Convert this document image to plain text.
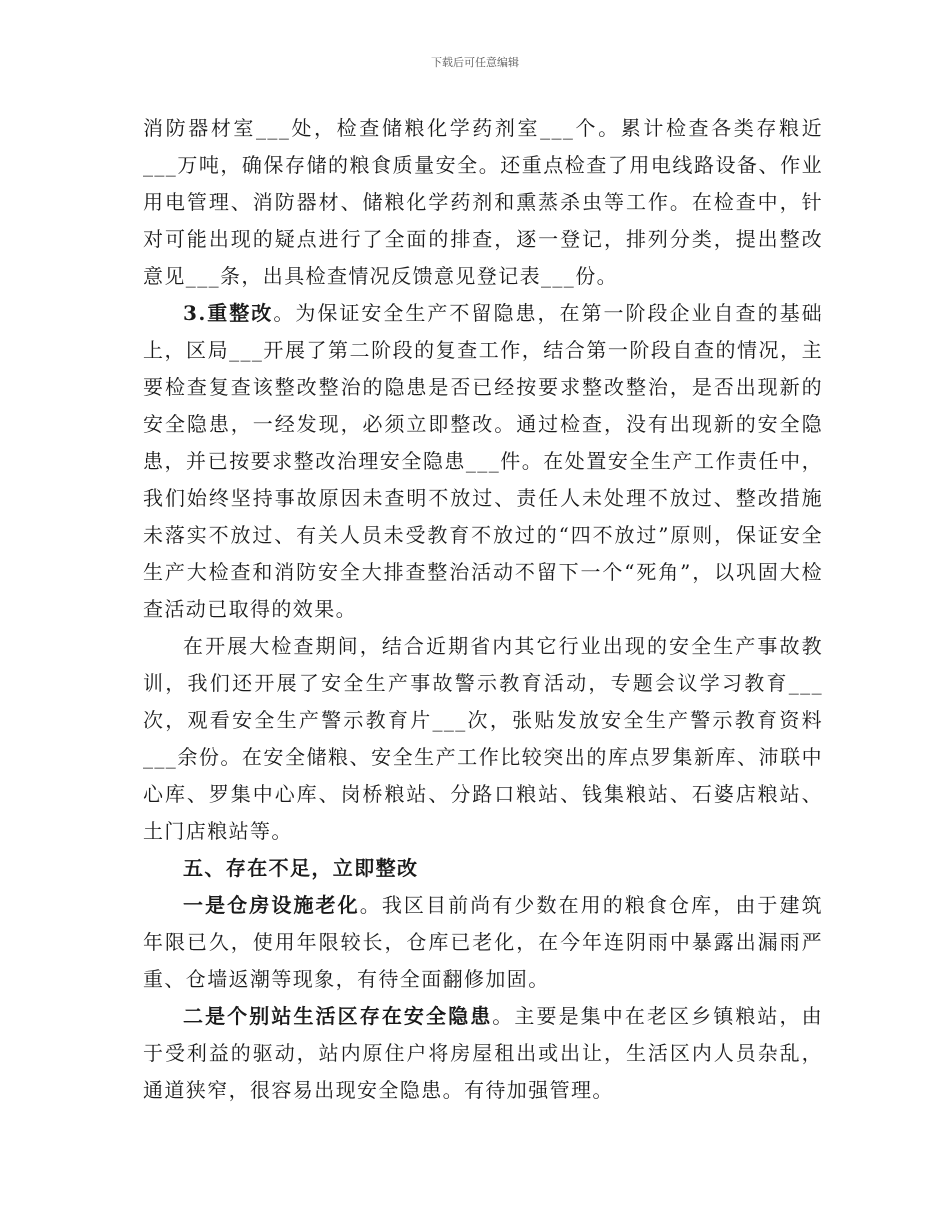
下载后可任意编辑

消防器材室___处，检查储粮化学药剂室___个。累计检查各类存粮近___万吨，确保存储的粮食质量安全。还重点检查了用电线路设备、作业用电管理、消防器材、储粮化学药剂和熏蒸杀虫等工作。在检查中，针对可能出现的疑点进行了全面的排查，逐一登记，排列分类，提出整改意见___条，出具检查情况反馈意见登记表___份。

3.重整改。为保证安全生产不留隐患，在第一阶段企业自查的基础上，区局___开展了第二阶段的复查工作，结合第一阶段自查的情况，主要检查复查该整改整治的隐患是否已经按要求整改整治，是否出现新的安全隐患，一经发现，必须立即整改。通过检查，没有出现新的安全隐患，并已按要求整改治理安全隐患___件。在处置安全生产工作责任中，我们始终坚持事故原因未查明不放过、责任人未处理不放过、整改措施未落实不放过、有关人员未受教育不放过的“四不放过”原则，保证安全生产大检查和消防安全大排查整治活动不留下一个“死角”，以巩固大检查活动已取得的效果。

在开展大检查期间，结合近期省内其它行业出现的安全生产事故教训，我们还开展了安全生产事故警示教育活动，专题会议学习教育___次，观看安全生产警示教育片___次，张贴发放安全生产警示教育资料___余份。在安全储粮、安全生产工作比较突出的库点罗集新库、沛联中心库、罗集中心库、岗桥粮站、分路口粮站、钱集粮站、石婆店粮站、土门店粮站等。

五、存在不足，立即整改

一是仓房设施老化。我区目前尚有少数在用的粮食仓库，由于建筑年限已久，使用年限较长，仓库已老化，在今年连阴雨中暴露出漏雨严重、仓墙返潮等现象，有待全面翻修加固。

二是个别站生活区存在安全隐患。主要是集中在老区乡镇粮站，由于受利益的驱动，站内原住户将房屋租出或出让，生活区内人员杂乱，通道狭窄，很容易出现安全隐患。有待加强管理。
